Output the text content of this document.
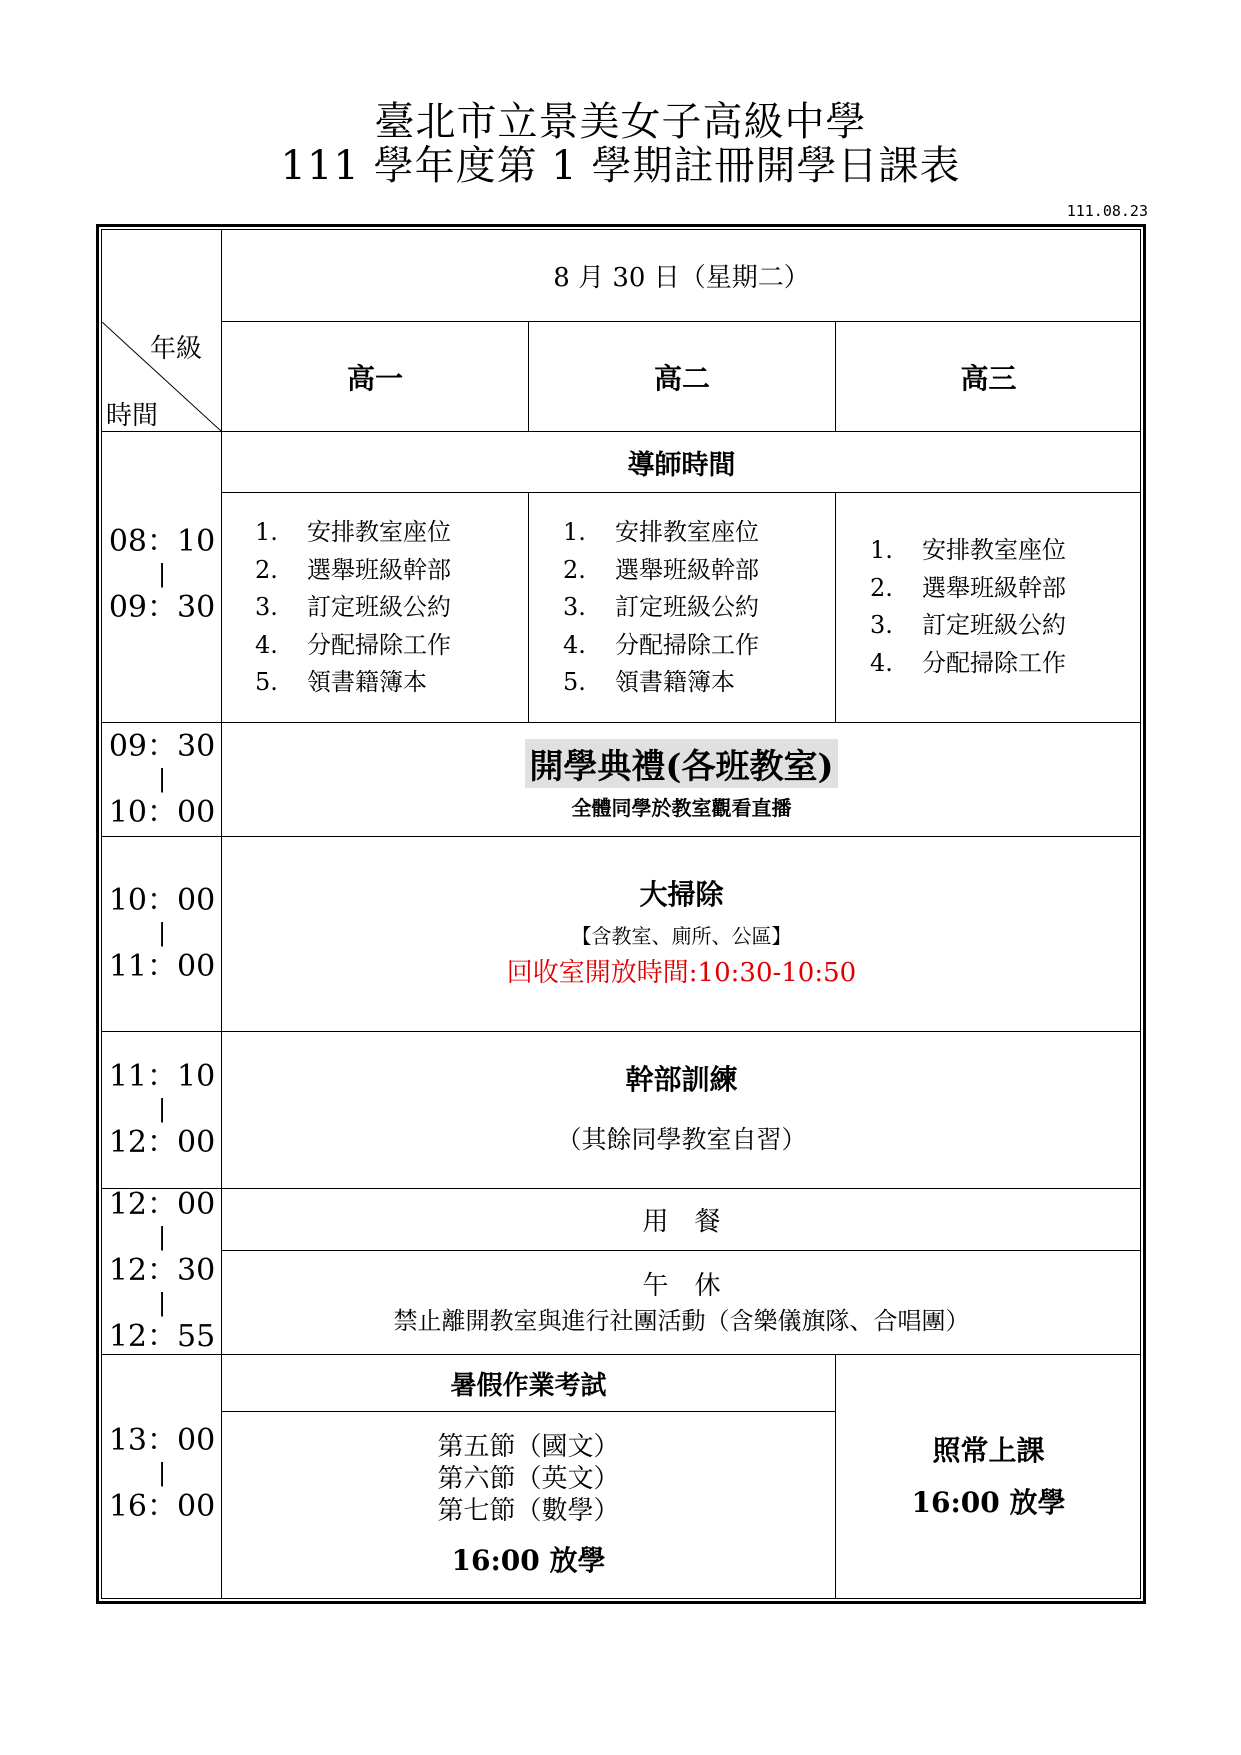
臺北市立景美女子高級中學
111 學年度第 1 學期註冊開學日課表
111.08.23
年級
時間
8 月 30 日（星期二）
高一	高二	高三
導師時間
08：10
|
09：30
1. 安排教室座位
2. 選舉班級幹部
3. 訂定班級公約
4. 分配掃除工作
5. 領書籍簿本
1. 安排教室座位
2. 選舉班級幹部
3. 訂定班級公約
4. 分配掃除工作
5. 領書籍簿本
1. 安排教室座位
2. 選舉班級幹部
3. 訂定班級公約
4. 分配掃除工作
09：30
|
10：00
開學典禮(各班教室)
全體同學於教室觀看直播
10：00
|
11：00
大掃除
【含教室、廁所、公區】
回收室開放時間:10:30-10:50
11：10
|
12：00
幹部訓練
（其餘同學教室自習）
12：00
|
12：30
|
12：55
用　餐
午　休
禁止離開教室與進行社團活動（含樂儀旗隊、合唱團）
13：00
|
16：00
暑假作業考試
第五節（國文）
第六節（英文）
第七節（數學）
16:00 放學
照常上課
16:00 放學
